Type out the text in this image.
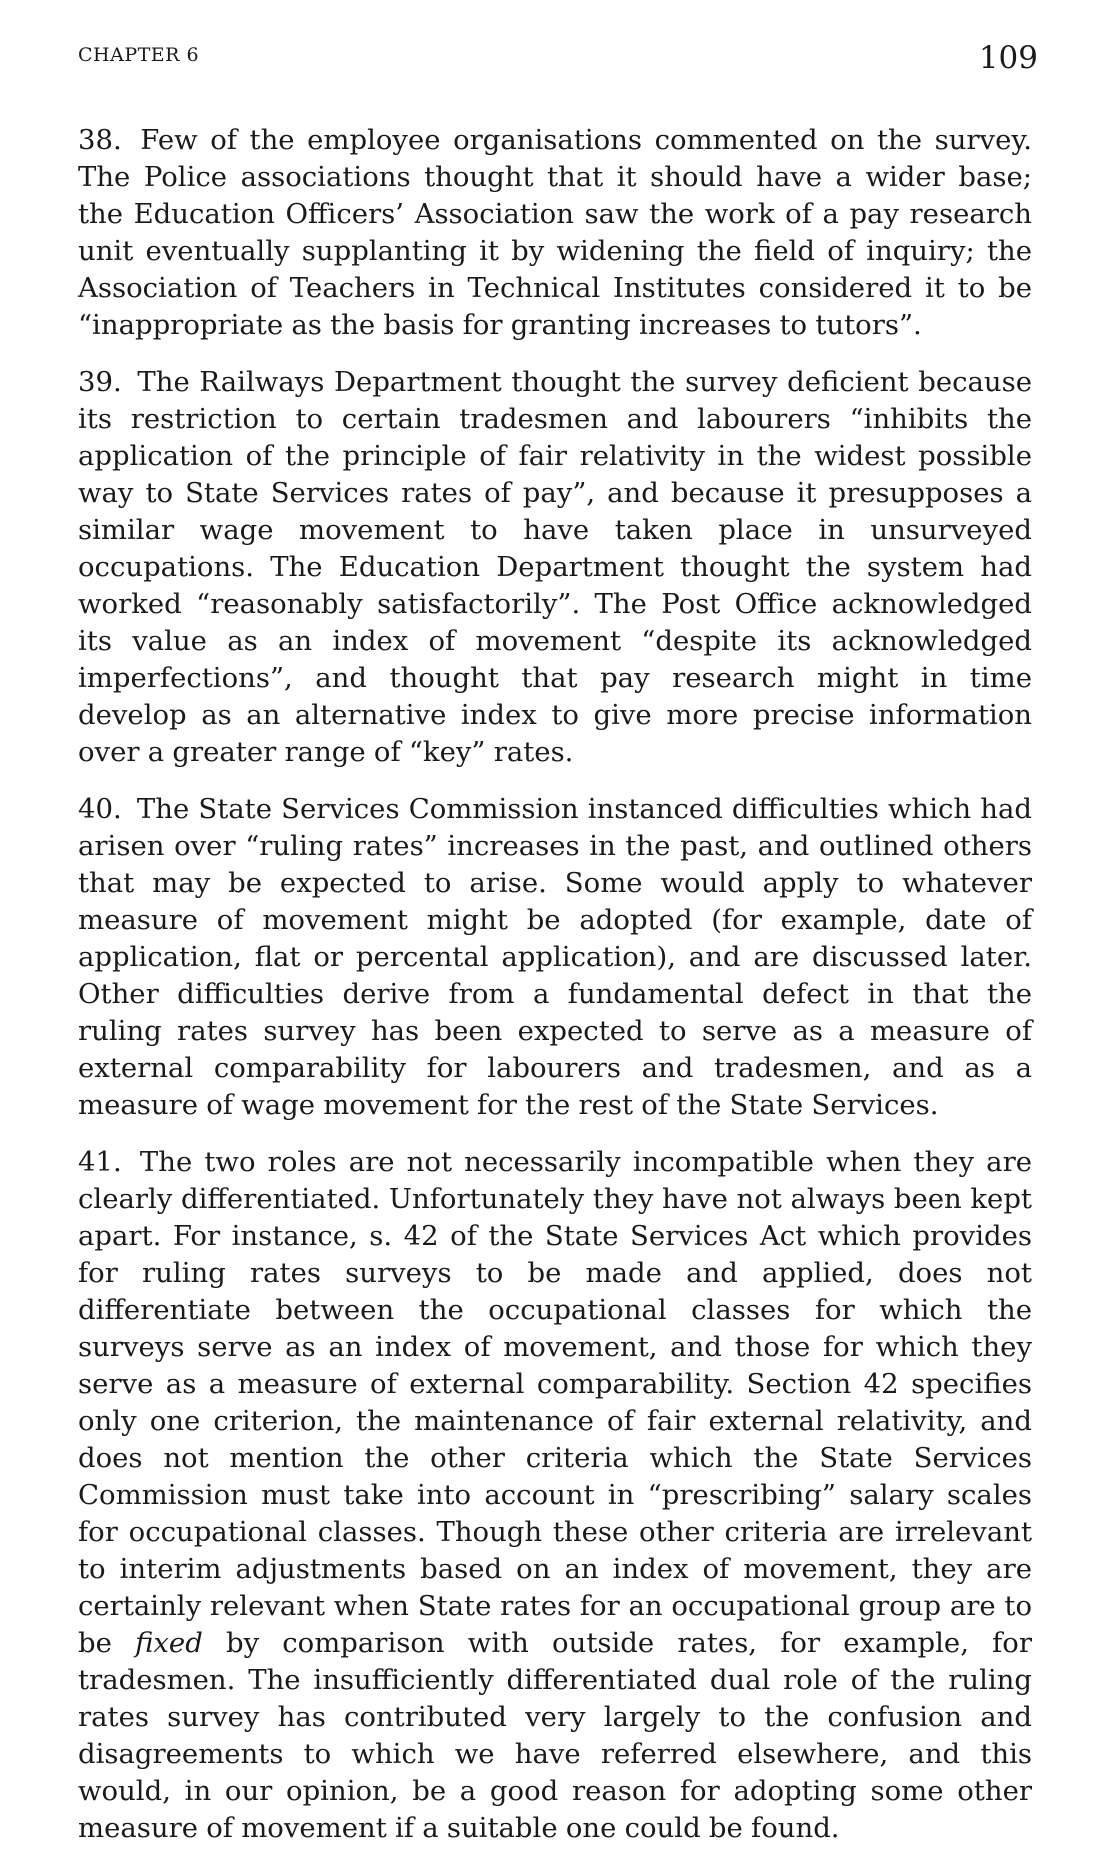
CHAPTER 6	109

38. Few of the employee organisations commented on the survey. The Police associations thought that it should have a wider base; the Education Officers’ Association saw the work of a pay research unit eventually supplanting it by widening the field of inquiry; the Association of Teachers in Technical Institutes considered it to be “inappropriate as the basis for granting increases to tutors”.

39. The Railways Department thought the survey deficient because its restriction to certain tradesmen and labourers “inhibits the application of the principle of fair relativity in the widest possible way to State Services rates of pay”, and because it presupposes a similar wage movement to have taken place in unsurveyed occupations. The Education Department thought the system had worked “reasonably satisfactorily”. The Post Office acknowledged its value as an index of movement “despite its acknowledged imperfections”, and thought that pay research might in time develop as an alternative index to give more precise information over a greater range of “key” rates.

40. The State Services Commission instanced difficulties which had arisen over “ruling rates” increases in the past, and outlined others that may be expected to arise. Some would apply to whatever measure of movement might be adopted (for example, date of application, flat or percental application), and are discussed later. Other difficulties derive from a fundamental defect in that the ruling rates survey has been expected to serve as a measure of external comparability for labourers and tradesmen, and as a measure of wage movement for the rest of the State Services.

41. The two roles are not necessarily incompatible when they are clearly differentiated. Unfortunately they have not always been kept apart. For instance, s. 42 of the State Services Act which provides for ruling rates surveys to be made and applied, does not differentiate between the occupational classes for which the surveys serve as an index of movement, and those for which they serve as a measure of external comparability. Section 42 specifies only one criterion, the maintenance of fair external relativity, and does not mention the other criteria which the State Services Commission must take into account in “prescribing” salary scales for occupational classes. Though these other criteria are irrelevant to interim adjustments based on an index of movement, they are certainly relevant when State rates for an occupational group are to be fixed by comparison with outside rates, for example, for tradesmen. The insufficiently differentiated dual role of the ruling rates survey has contributed very largely to the confusion and disagreements to which we have referred elsewhere, and this would, in our opinion, be a good reason for adopting some other measure of movement if a suitable one could be found.
